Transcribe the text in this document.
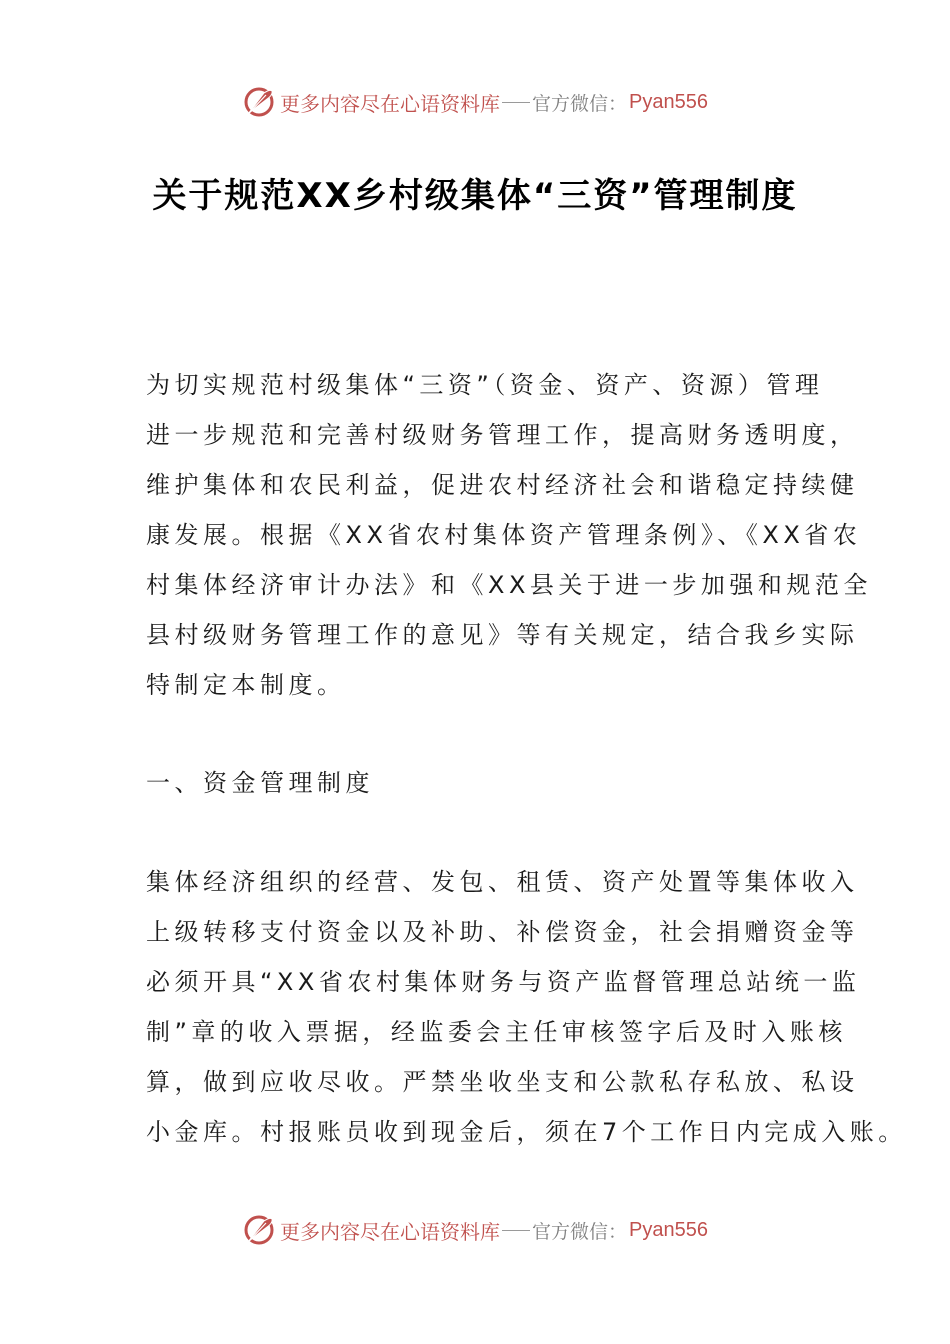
更多内容尽在心语资料库 官方微信： Pyan556
关于规范XX乡村级集体“三资”管理制度

为切实规范村级集体“三资”（资金、资产、资源）管理
进一步规范和完善村级财务管理工作，提高财务透明度，
维护集体和农民利益，促进农村经济社会和谐稳定持续健
康发展。根据《XX省农村集体资产管理条例》、《XX省农
村集体经济审计办法》和《XX县关于进一步加强和规范全
县村级财务管理工作的意见》等有关规定，结合我乡实际
特制定本制度。

一、资金管理制度

集体经济组织的经营、发包、租赁、资产处置等集体收入
上级转移支付资金以及补助、补偿资金，社会捐赠资金等
必须开具“XX省农村集体财务与资产监督管理总站统一监
制”章的收入票据，经监委会主任审核签字后及时入账核
算，做到应收尽收。严禁坐收坐支和公款私存私放、私设
小金库。村报账员收到现金后，须在7个工作日内完成入账。

更多内容尽在心语资料库 官方微信： Pyan556
